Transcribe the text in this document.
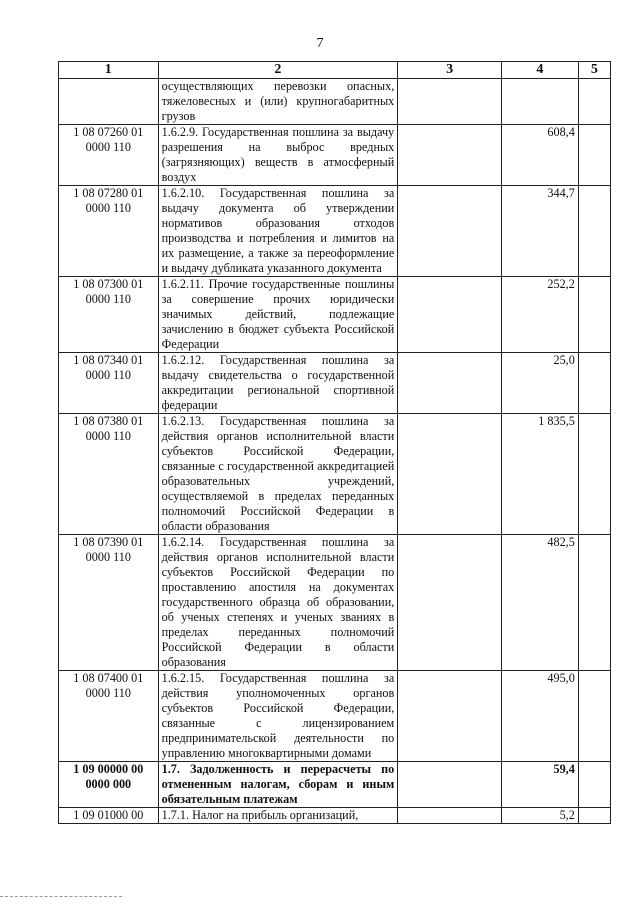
7
1	2	3	4	5
	осуществляющих перевозки опасных, тяжеловесных и (или) крупногабаритных грузов			
1 08 07260 01 0000 110	1.6.2.9. Государственная пошлина за выдачу разрешения на выброс вредных (загрязняющих) веществ в атмосферный воздух		608,4	
1 08 07280 01 0000 110	1.6.2.10. Государственная пошлина за выдачу документа об утверждении нормативов образования отходов производства и потребления и лимитов на их размещение, а также за переоформление и выдачу дубликата указанного документа		344,7	
1 08 07300 01 0000 110	1.6.2.11. Прочие государственные пошлины за совершение прочих юридически значимых действий, подлежащие зачислению в бюджет субъекта Российской Федерации		252,2	
1 08 07340 01 0000 110	1.6.2.12. Государственная пошлина за выдачу свидетельства о государственной аккредитации региональной спортивной федерации		25,0	
1 08 07380 01 0000 110	1.6.2.13. Государственная пошлина за действия органов исполнительной власти субъектов Российской Федерации, связанные с государственной аккредитацией образовательных учреждений, осуществляемой в пределах переданных полномочий Российской Федерации в области образования		1 835,5	
1 08 07390 01 0000 110	1.6.2.14. Государственная пошлина за действия органов исполнительной власти субъектов Российской Федерации по проставлению апостиля на документах государственного образца об образовании, об ученых степенях и ученых званиях в пределах переданных полномочий Российской Федерации в области образования		482,5	
1 08 07400 01 0000 110	1.6.2.15. Государственная пошлина за действия уполномоченных органов субъектов Российской Федерации, связанные с лицензированием предпринимательской деятельности по управлению многоквартирными домами		495,0	
1 09 00000 00 0000 000	1.7. Задолженность и перерасчеты по отмененным налогам, сборам и иным обязательным платежам		59,4	
1 09 01000 00	1.7.1. Налог на прибыль организаций,		5,2	
